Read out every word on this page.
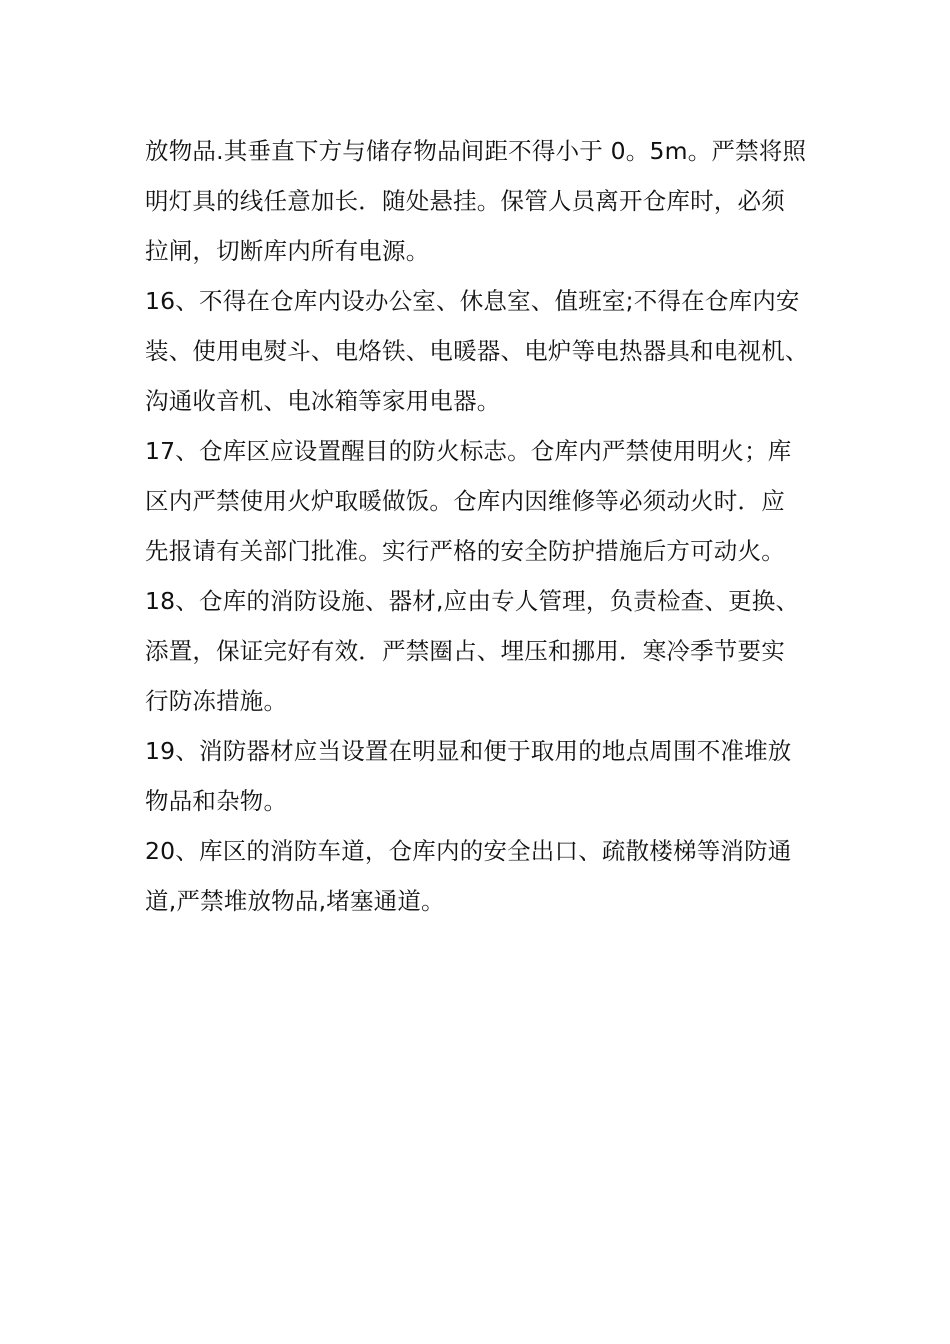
放物品.其垂直下方与储存物品间距不得小于 0。5m。严禁将照
明灯具的线任意加长．随处悬挂。保管人员离开仓库时，必须
拉闸，切断库内所有电源。
16、不得在仓库内设办公室、休息室、值班室;不得在仓库内安
装、使用电熨斗、电烙铁、电暖器、电炉等电热器具和电视机、
沟通收音机、电冰箱等家用电器。
17、仓库区应设置醒目的防火标志。仓库内严禁使用明火；库
区内严禁使用火炉取暖做饭。仓库内因维修等必须动火时．应
先报请有关部门批准。实行严格的安全防护措施后方可动火。
18、仓库的消防设施、器材,应由专人管理，负责检查、更换、
添置，保证完好有效．严禁圈占、埋压和挪用．寒冷季节要实
行防冻措施。
19、消防器材应当设置在明显和便于取用的地点周围不准堆放
物品和杂物。
20、库区的消防车道，仓库内的安全出口、疏散楼梯等消防通
道,严禁堆放物品,堵塞通道。
